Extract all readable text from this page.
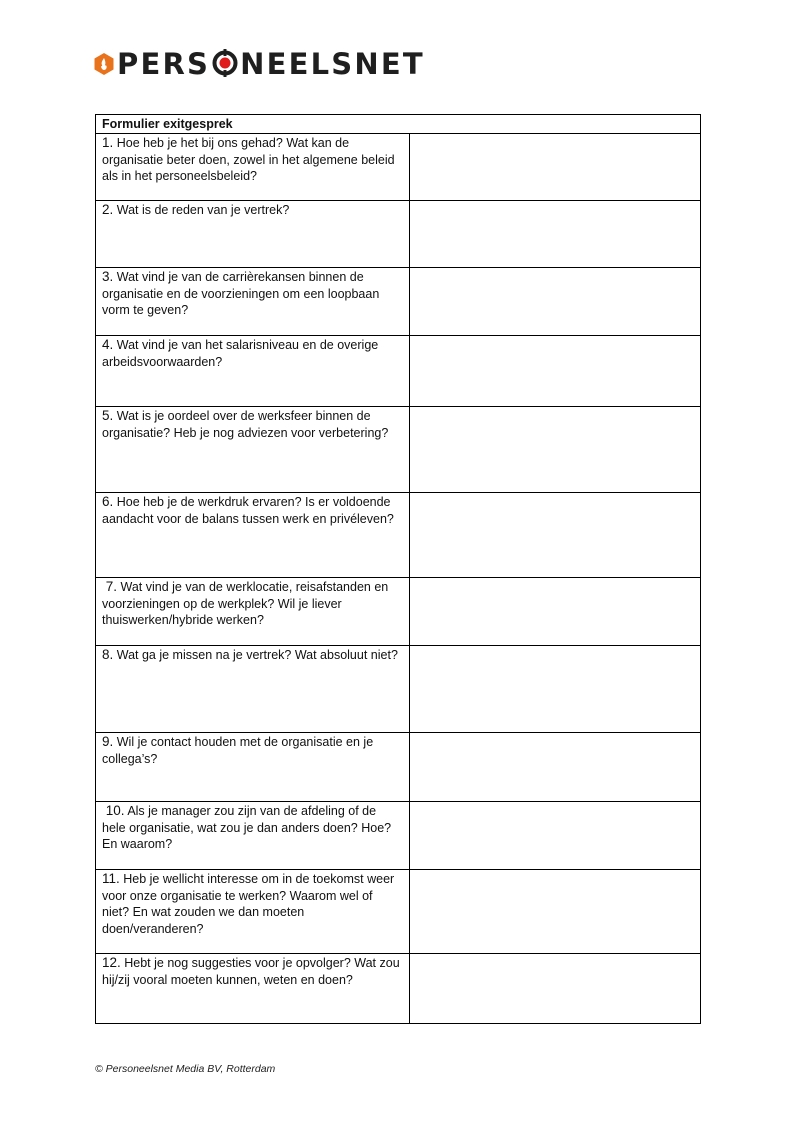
PERS NEELSNET
Formulier exitgesprek	
1. Hoe heb je het bij ons gehad? Wat kan de organisatie beter doen, zowel in het algemene beleid als in het personeelsbeleid?	
2. Wat is de reden van je vertrek?	
3. Wat vind je van de carrièrekansen binnen de organisatie en de voorzieningen om een loopbaan vorm te geven?	
4. Wat vind je van het salarisniveau en de overige arbeidsvoorwaarden?	
5. Wat is je oordeel over de werksfeer binnen de organisatie? Heb je nog adviezen voor verbetering?	
6. Hoe heb je de werkdruk ervaren? Is er voldoende aandacht voor de balans tussen werk en privéleven?	
7. Wat vind je van de werklocatie, reisafstanden en voorzieningen op de werkplek? Wil je liever thuiswerken/hybride werken?	
8. Wat ga je missen na je vertrek? Wat absoluut niet?	
9. Wil je contact houden met de organisatie en je collega’s?	
10. Als je manager zou zijn van de afdeling of de hele organisatie, wat zou je dan anders doen? Hoe? En waarom?	
11. Heb je wellicht interesse om in de toekomst weer voor onze organisatie te werken? Waarom wel of niet? En wat zouden we dan moeten doen/veranderen?	
12. Hebt je nog suggesties voor je opvolger? Wat zou hij/zij vooral moeten kunnen, weten en doen?	
© Personeelsnet Media BV, Rotterdam
